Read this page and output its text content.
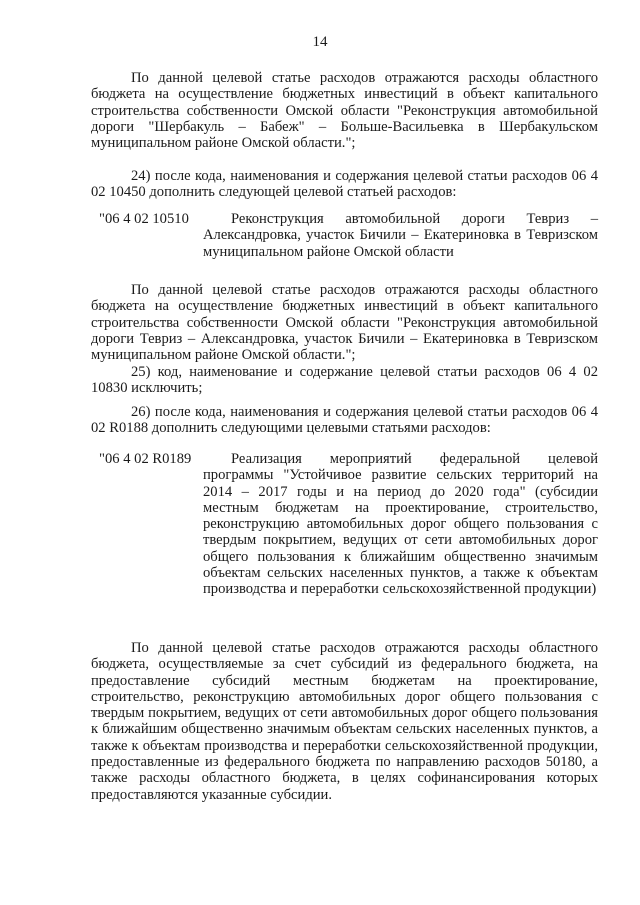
14
По данной целевой статье расходов отражаются расходы областного бюджета на осуществление бюджетных инвестиций в объект капитального строительства собственности Омской области "Реконструкция автомобильной дороги "Шербакуль – Бабеж" – Больше-Васильевка в Шербакульском муниципальном районе Омской области.";
24) после кода, наименования и содержания целевой статьи расходов 06 4 02 10450 дополнить следующей целевой статьей расходов:
"06 4 02 10510	Реконструкция автомобильной дороги Тевриз – Александровка, участок Бичили – Екатериновка в Тевризском муниципальном районе Омской области
По данной целевой статье расходов отражаются расходы областного бюджета на осуществление бюджетных инвестиций в объект капитального строительства собственности Омской области "Реконструкция автомобильной дороги Тевриз – Александровка, участок Бичили – Екатериновка в Тевризском муниципальном районе Омской области.";
25) код, наименование и содержание целевой статьи расходов 06 4 02 10830 исключить;
26) после кода, наименования и содержания целевой статьи расходов 06 4 02 R0188 дополнить следующими целевыми статьями расходов:
"06 4 02 R0189	Реализация мероприятий федеральной целевой программы "Устойчивое развитие сельских территорий на 2014 – 2017 годы и на период до 2020 года" (субсидии местным бюджетам на проектирование, строительство, реконструкцию автомобильных дорог общего пользования с твердым покрытием, ведущих от сети автомобильных дорог общего пользования к ближайшим общественно значимым объектам сельских населенных пунктов, а также к объектам производства и переработки сельскохозяйственной продукции)
По данной целевой статье расходов отражаются расходы областного бюджета, осуществляемые за счет субсидий из федерального бюджета, на предоставление субсидий местным бюджетам на проектирование, строительство, реконструкцию автомобильных дорог общего пользования с твердым покрытием, ведущих от сети автомобильных дорог общего пользования к ближайшим общественно значимым объектам сельских населенных пунктов, а также к объектам производства и переработки сельскохозяйственной продукции, предоставленные из федерального бюджета по направлению расходов 50180, а также расходы областного бюджета, в целях софинансирования которых предоставляются указанные субсидии.
